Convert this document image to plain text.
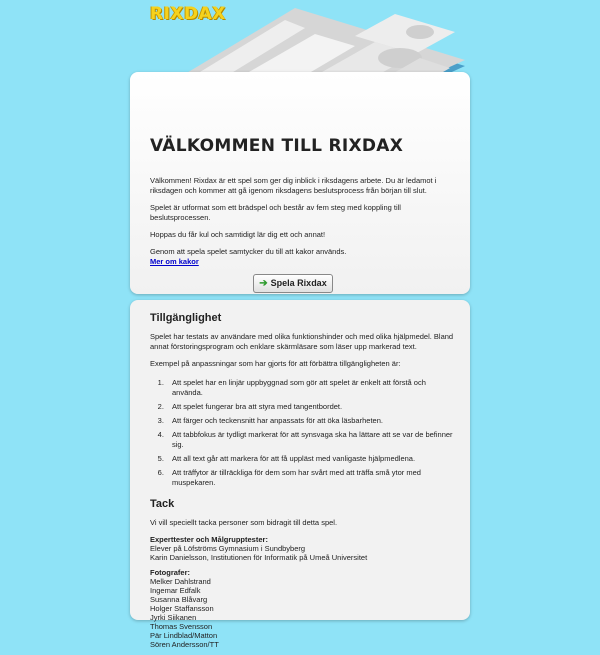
RIXDAX
VÄLKOMMEN TILL RIXDAX

Välkommen! Rixdax är ett spel som ger dig inblick i riksdagens arbete. Du är ledamot i riksdagen och kommer att gå igenom riksdagens beslutsprocess från början till slut.

Spelet är utformat som ett brädspel och består av fem steg med koppling till beslutsprocessen.

Hoppas du får kul och samtidigt lär dig ett och annat!

Genom att spela spelet samtycker du till att kakor används.
Mer om kakor

➔ Spela Rixdax
Tillgänglighet

Spelet har testats av användare med olika funktionshinder och med olika hjälpmedel. Bland annat förstoringsprogram och enklare skärmläsare som läser upp markerad text.

Exempel på anpassningar som har gjorts för att förbättra tillgängligheten är:

1. Att spelet har en linjär uppbyggnad som gör att spelet är enkelt att förstå och använda.
2. Att spelet fungerar bra att styra med tangentbordet.
3. Att färger och teckensnitt har anpassats för att öka läsbarheten.
4. Att tabbfokus är tydligt markerat för att synsvaga ska ha lättare att se var de befinner sig.
5. Att all text går att markera för att få uppläst med vanligaste hjälpmedlena.
6. Att träffytor är tillräckliga för dem som har svårt med att träffa små ytor med muspekaren.
Tack

Vi vill speciellt tacka personer som bidragit till detta spel.

Experttester och Målgrupptester:
Elever på Löfströms Gymnasium i Sundbyberg
Karin Danielsson, Institutionen för Informatik på Umeå Universitet
Fotografer:
Melker Dahlstrand
Ingemar Edfalk
Susanna Blåvarg
Holger Staffansson
Jyrki Siikanen
Thomas Svensson
Pär Lindblad/Matton
Sören Andersson/TT
